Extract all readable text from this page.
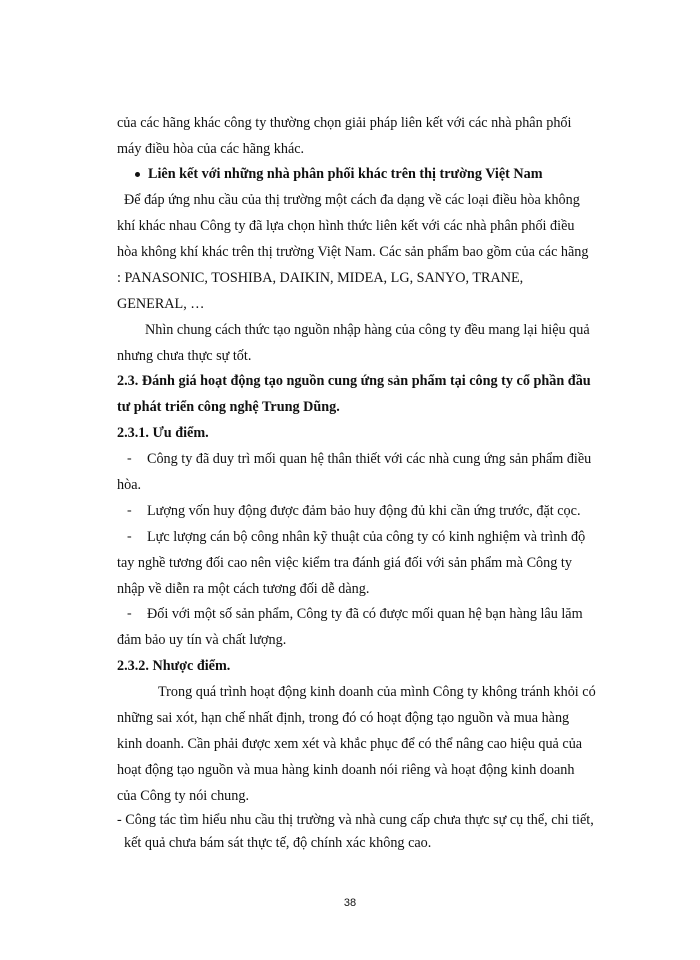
của các hãng khác công ty thường chọn giải pháp liên kết với các nhà phân phối
máy điều hòa của các hãng khác.
Liên kết với những nhà phân phối khác trên thị trường Việt Nam
Để đáp ứng nhu cầu của thị trường một cách đa dạng về các loại điều hòa không
khí khác nhau Công ty đã lựa chọn hình thức liên kết với các nhà phân phối điều
hòa không khí khác trên thị trường Việt Nam. Các sản phẩm bao gồm của các hãng
: PANASONIC, TOSHIBA, DAIKIN, MIDEA, LG, SANYO, TRANE,
GENERAL, …
Nhìn chung cách thức tạo nguồn nhập hàng của công ty đều mang lại hiệu quả
nhưng chưa thực sự tốt.
2.3. Đánh giá hoạt động tạo nguồn cung ứng sản phẩm tại công ty cổ phần đầu
tư phát triển công nghệ Trung Dũng.
2.3.1. Ưu điểm.
- Công ty đã duy trì mối quan hệ thân thiết với các nhà cung ứng sản phẩm điều
hòa.
- Lượng vốn huy động được đảm bảo huy động đủ khi cần ứng trước, đặt cọc.
- Lực lượng cán bộ công nhân kỹ thuật của công ty có kinh nghiệm và trình độ
tay nghề tương đối cao nên việc kiểm tra đánh giá đối với sản phẩm mà Công ty
nhập về diễn ra một cách tương đối dễ dàng.
- Đối với một số sản phẩm, Công ty đã có được mối quan hệ bạn hàng lâu lăm
đảm bảo uy tín và chất lượng.
2.3.2. Nhược điểm.
Trong quá trình hoạt động kinh doanh của mình Công ty không tránh khỏi có
những sai xót, hạn chế nhất định, trong đó có hoạt động tạo nguồn và mua hàng
kinh doanh. Cần phải được xem xét và khắc phục để có thể nâng cao hiệu quả của
hoạt động tạo nguồn và mua hàng kinh doanh nói riêng và hoạt động kinh doanh
của Công ty nói chung.
- Công tác tìm hiểu nhu cầu thị trường và nhà cung cấp chưa thực sự cụ thể, chi tiết,
kết quả chưa bám sát thực tế, độ chính xác không cao.
38
